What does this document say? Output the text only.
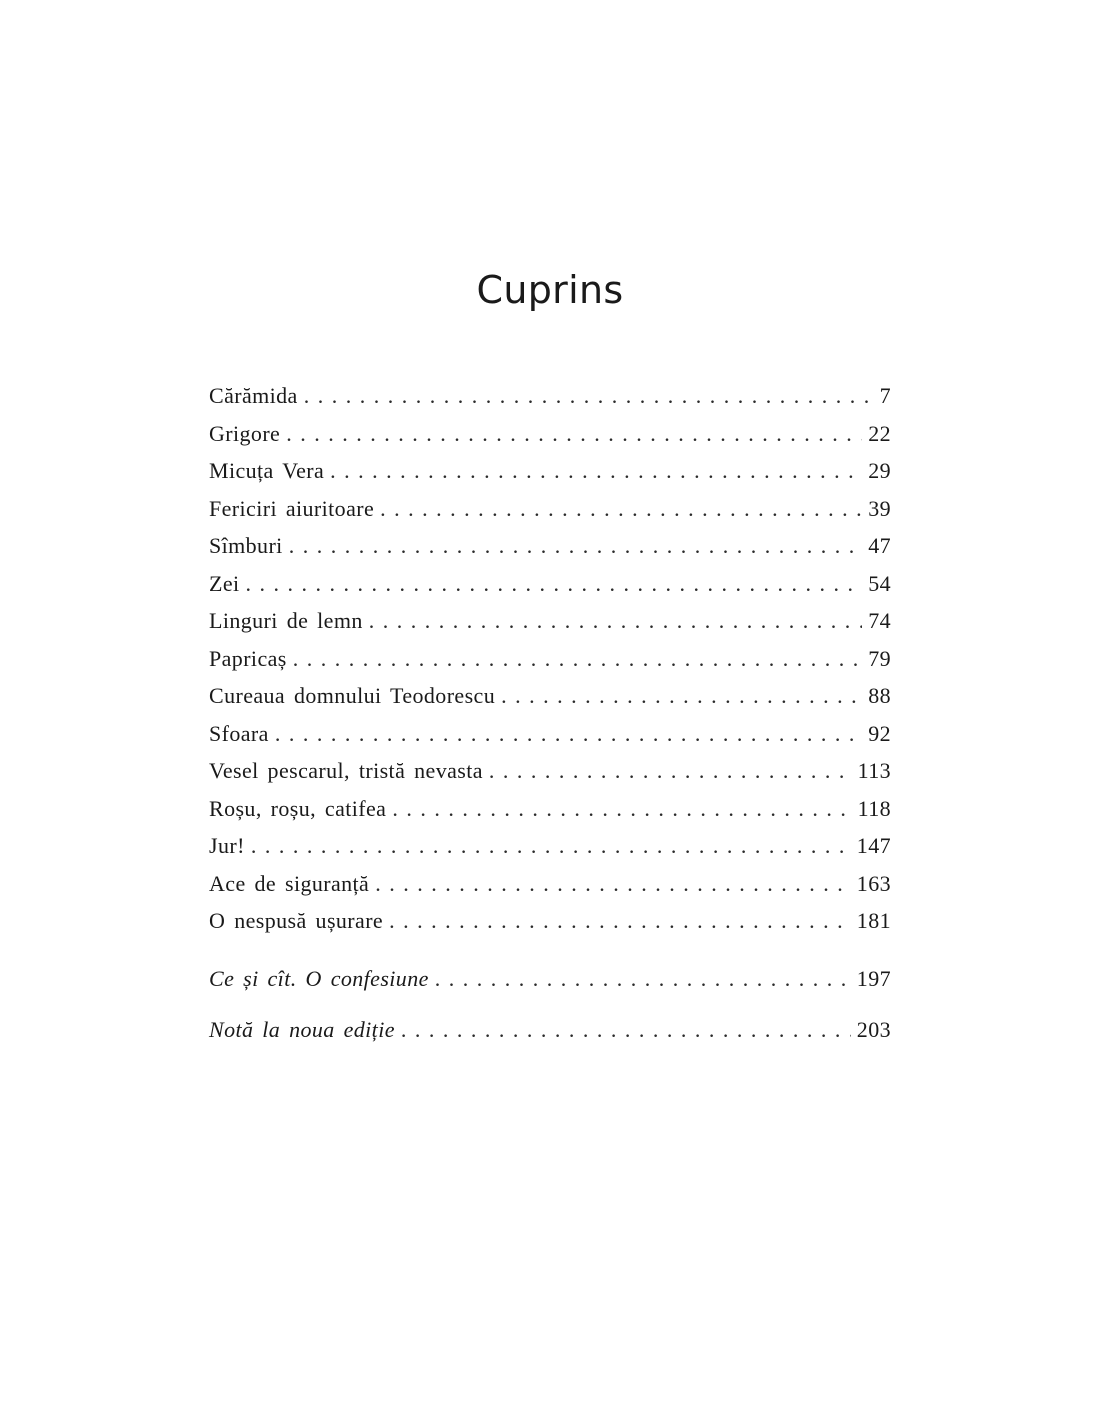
Cuprins
Cărămida . . .	7
Grigore . . .	22
Micuța Vera . . .	29
Fericiri aiuritoare . . .	39
Sîmburi . . .	47
Zei . . .	54
Linguri de lemn . . .	74
Papricaș . . .	79
Cureaua domnului Teodorescu . . .	88
Sfoara . . .	92
Vesel pescarul, tristă nevasta . . .	113
Roșu, roșu, catifea . . .	118
Jur! . . .	147
Ace de siguranță . . .	163
O nespusă ușurare . . .	181
Ce și cît. O confesiune . . .	197
Notă la noua ediție . . .	203
